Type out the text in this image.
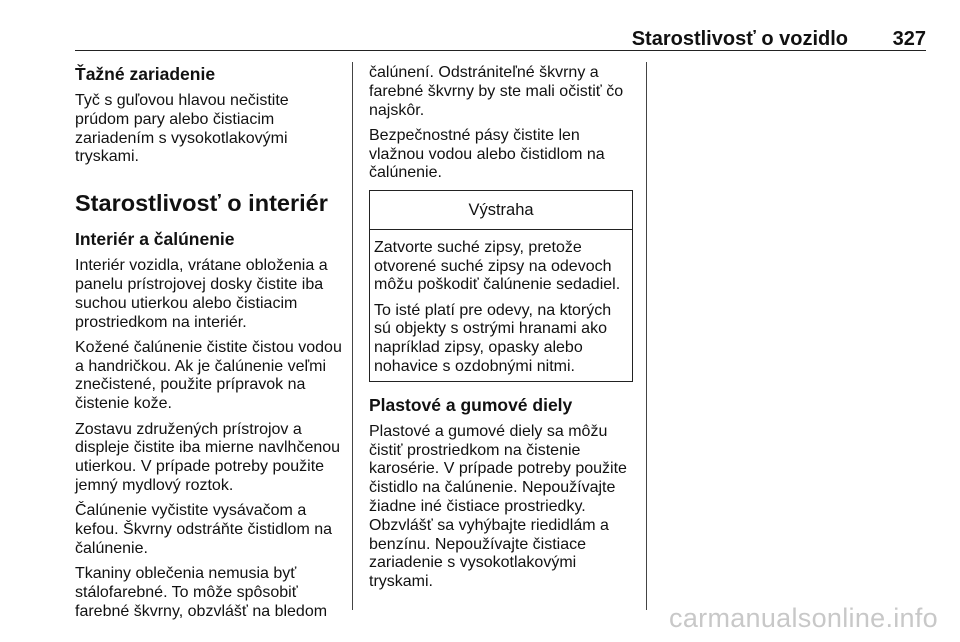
Starostlivosť o vozidlo 327
Ťažné zariadenie

Tyč s guľovou hlavou nečistite prúdom pary alebo čistiacim zariadením s vysokotlakovými tryskami.

Starostlivosť o interiér
Interiér a čalúnenie

Interiér vozidla, vrátane obloženia a panelu prístrojovej dosky čistite iba suchou utierkou alebo čistiacim prostriedkom na interiér.

Kožené čalúnenie čistite čistou vodou a handričkou. Ak je čalúnenie veľmi znečistené, použite prípravok na čistenie kože.

Zostavu združených prístrojov a displeje čistite iba mierne navlhčenou utierkou. V prípade potreby použite jemný mydlový roztok.

Čalúnenie vyčistite vysávačom a kefou. Škvrny odstráňte čistidlom na čalúnenie.

Tkaniny oblečenia nemusia byť stálofarebné. To môže spôsobiť farebné škvrny, obzvlášť na bledom

čalúnení. Odstrániteľné škvrny a farebné škvrny by ste mali očistiť čo najskôr.

Bezpečnostné pásy čistite len vlažnou vodou alebo čistidlom na čalúnenie.

Výstraha

Zatvorte suché zipsy, pretože otvorené suché zipsy na odevoch môžu poškodiť čalúnenie sedadiel.

To isté platí pre odevy, na ktorých sú objekty s ostrými hranami ako napríklad zipsy, opasky alebo nohavice s ozdobnými nitmi.

Plastové a gumové diely

Plastové a gumové diely sa môžu čistiť prostriedkom na čistenie karosérie. V prípade potreby použite čistidlo na čalúnenie. Nepoužívajte žiadne iné čistiace prostriedky. Obzvlášť sa vyhýbajte riedidlám a benzínu. Nepoužívajte čistiace zariadenie s vysokotlakovými tryskami.

carmanualsonline.info
